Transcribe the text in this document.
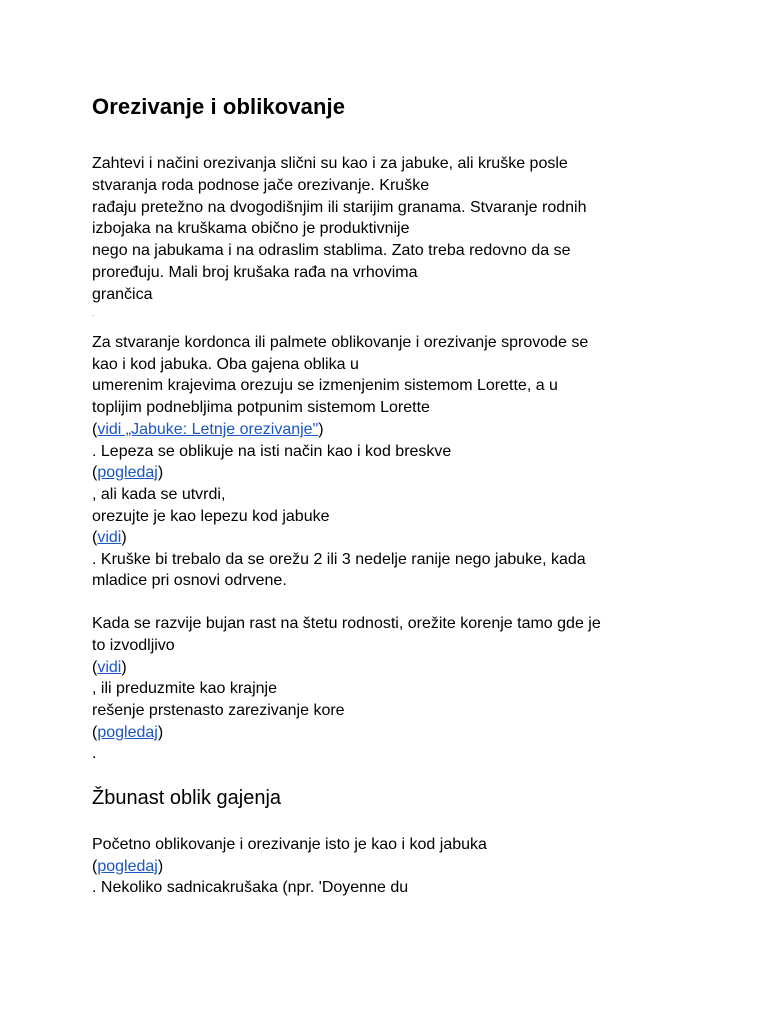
Orezivanje i oblikovanje
Zahtevi i načini orezivanja slični su kao i za jabuke, ali kruške posle
stvaranja roda podnose jače orezivanje. Kruške
rađaju pretežno na dvogodišnjim ili starijim granama. Stvaranje rodnih
izbojaka na kruškama obično je produktivnije
nego na jabukama i na odraslim stablima. Zato treba redovno da se
proređuju. Mali broj krušaka rađa na vrhovima
grančica
.
Za stvaranje kordonca ili palmete oblikovanje i orezivanje sprovode se
kao i kod jabuka. Oba gajena oblika u
umerenim krajevima orezuju se izmenjenim sistemom Lorette, a u
toplijim podnebljima potpunim sistemom Lorette
(vidi „Jabuke: Letnje orezivanje")
. Lepeza se oblikuje na isti način kao i kod breskve
(pogledaj)
, ali kada se utvrdi,
orezujte je kao lepezu kod jabuke
(vidi)
. Kruške bi trebalo da se orežu 2 ili 3 nedelje ranije nego jabuke, kada
mladice pri osnovi odrvene.
Kada se razvije bujan rast na štetu rodnosti, orežite korenje tamo gde je
to izvodljivo
(vidi)
, ili preduzmite kao krajnje
rešenje prstenasto zarezivanje kore
(pogledaj)
.
Žbunast oblik gajenja
Početno oblikovanje i orezivanje isto je kao i kod jabuka
(pogledaj)
. Nekoliko sadnicakrušaka (npr. 'Doyenne du
